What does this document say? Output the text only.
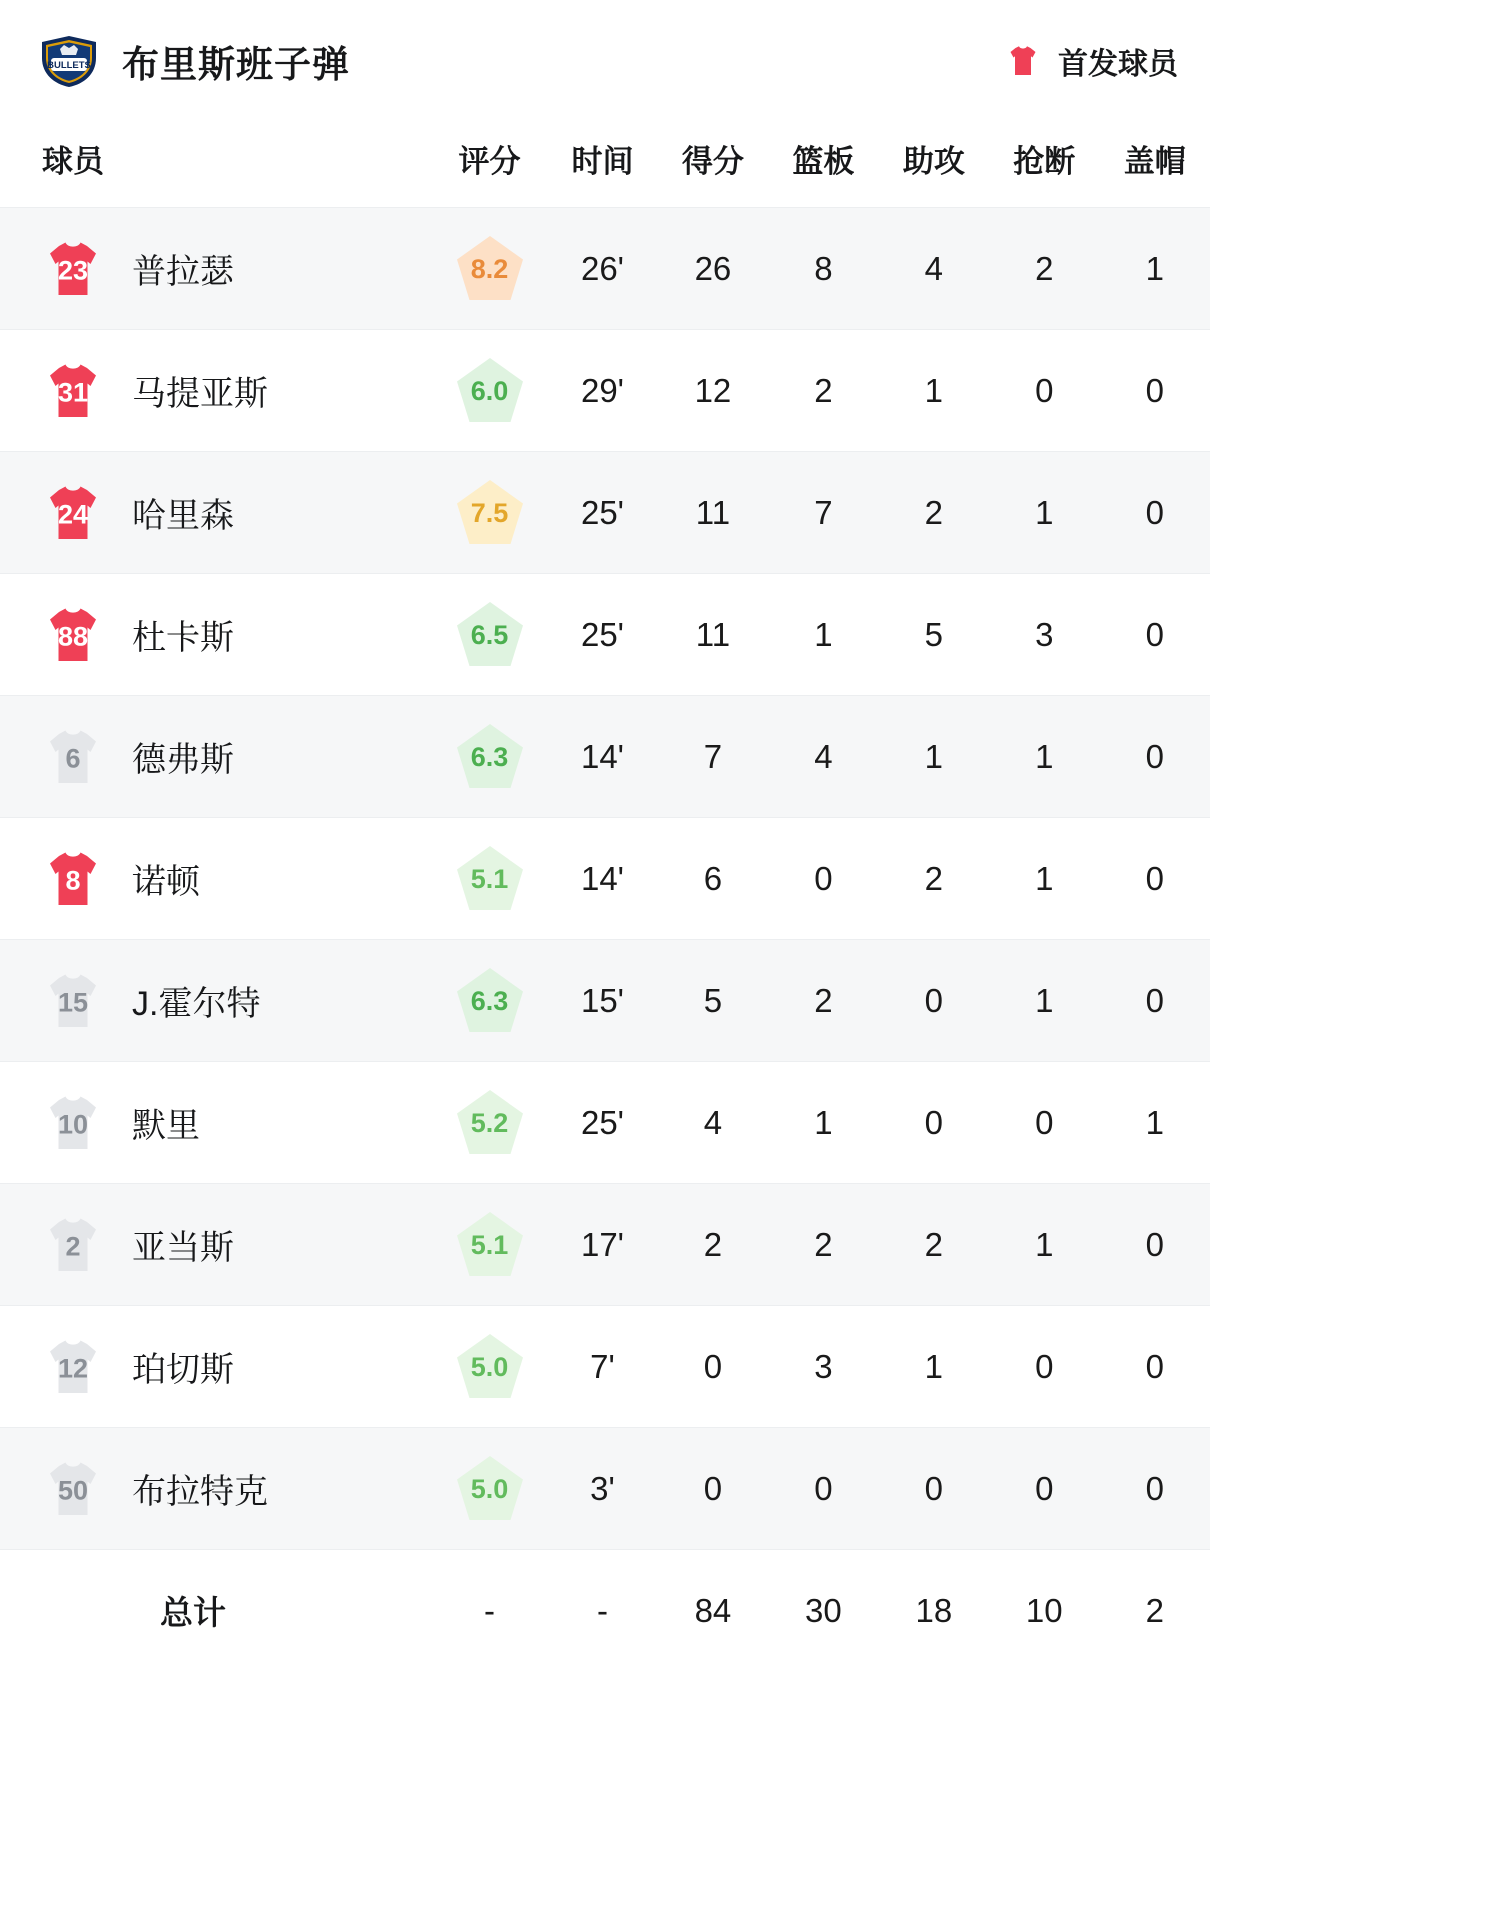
BULLETS 布里斯班子弹	首发球员
球员	评分	时间	得分	篮板	助攻	抢断	盖帽

23 普拉瑟	8.2	26'	26	8	4	2	1

31 马提亚斯	6.0	29'	12	2	1	0	0

24 哈里森	7.5	25'	11	7	2	1	0

88 杜卡斯	6.5	25'	11	1	5	3	0

6 德弗斯	6.3	14'	7	4	1	1	0

8 诺顿	5.1	14'	6	0	2	1	0

15 J.霍尔特	6.3	15'	5	2	0	1	0

10 默里	5.2	25'	4	1	0	0	1

2 亚当斯	5.1	17'	2	2	2	1	0

12 珀切斯	5.0	7'	0	3	1	0	0

50 布拉特克	5.0	3'	0	0	0	0	0
总计	-	-	84	30	18	10	2
